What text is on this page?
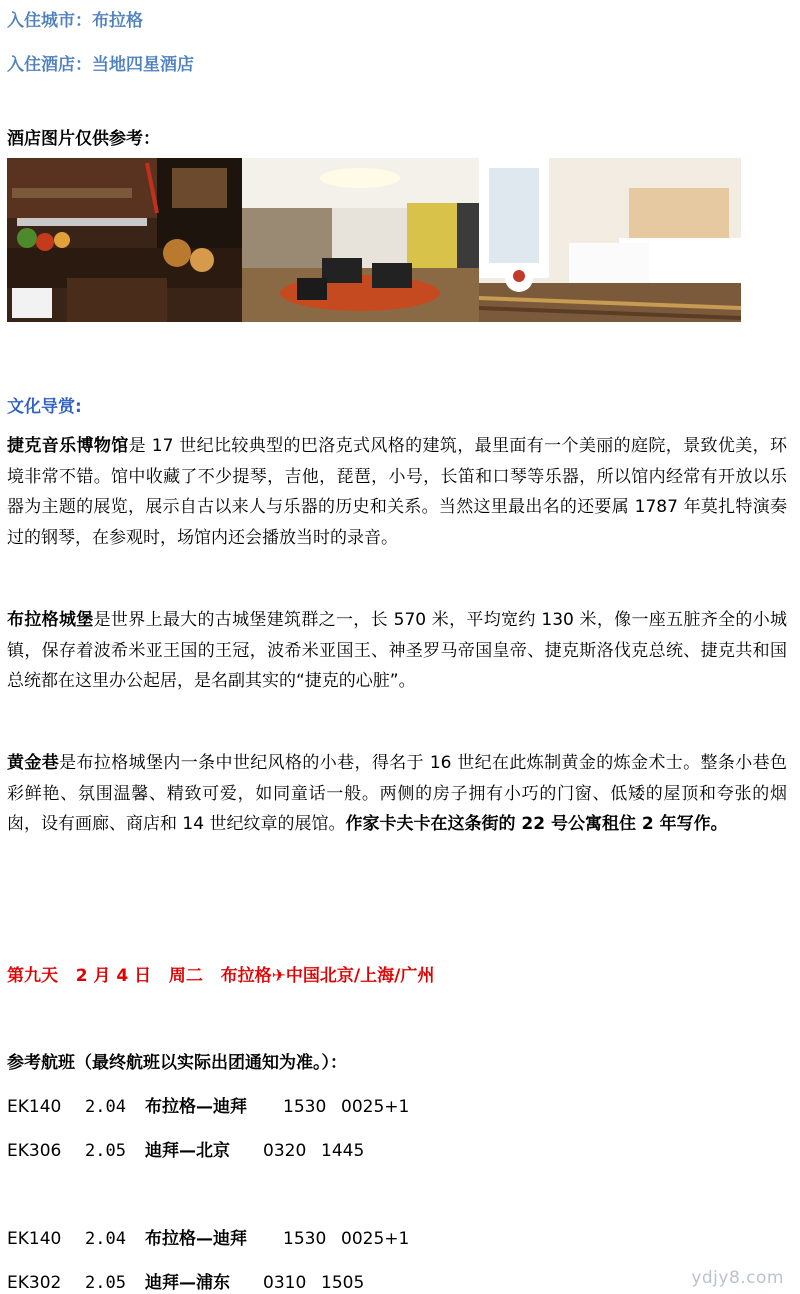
入住城市：布拉格
入住酒店：当地四星酒店
酒店图片仅供参考：
文化导赏:
捷克音乐博物馆是 17 世纪比较典型的巴洛克式风格的建筑，最里面有一个美丽的庭院，景致优美，环境非常不错。馆中收藏了不少提琴，吉他，琵琶，小号，长笛和口琴等乐器，所以馆内经常有开放以乐器为主题的展览，展示自古以来人与乐器的历史和关系。当然这里最出名的还要属 1787 年莫扎特演奏过的钢琴，在参观时，场馆内还会播放当时的录音。
布拉格城堡是世界上最大的古城堡建筑群之一，长 570 米，平均宽约 130 米，像一座五脏齐全的小城镇，保存着波希米亚王国的王冠，波希米亚国王、神圣罗马帝国皇帝、捷克斯洛伐克总统、捷克共和国总统都在这里办公起居，是名副其实的“捷克的心脏”。
黄金巷是布拉格城堡内一条中世纪风格的小巷，得名于 16 世纪在此炼制黄金的炼金术士。整条小巷色彩鲜艳、氛围温馨、精致可爱，如同童话一般。两侧的房子拥有小巧的门窗、低矮的屋顶和夸张的烟囱，设有画廊、商店和 14 世纪纹章的展馆。作家卡夫卡在这条街的 22 号公寓租住 2 年写作。
第九天   2 月 4 日   周二   布拉格✈中国北京/上海/广州
参考航班（最终航班以实际出团通知为准。）：
EK140 2.04 布拉格—迪拜 1530 0025+1
EK306 2.05 迪拜—北京 0320 1445
EK140 2.04 布拉格—迪拜 1530 0025+1
EK302 2.05 迪拜—浦东 0310 1505	ydjy8.com
